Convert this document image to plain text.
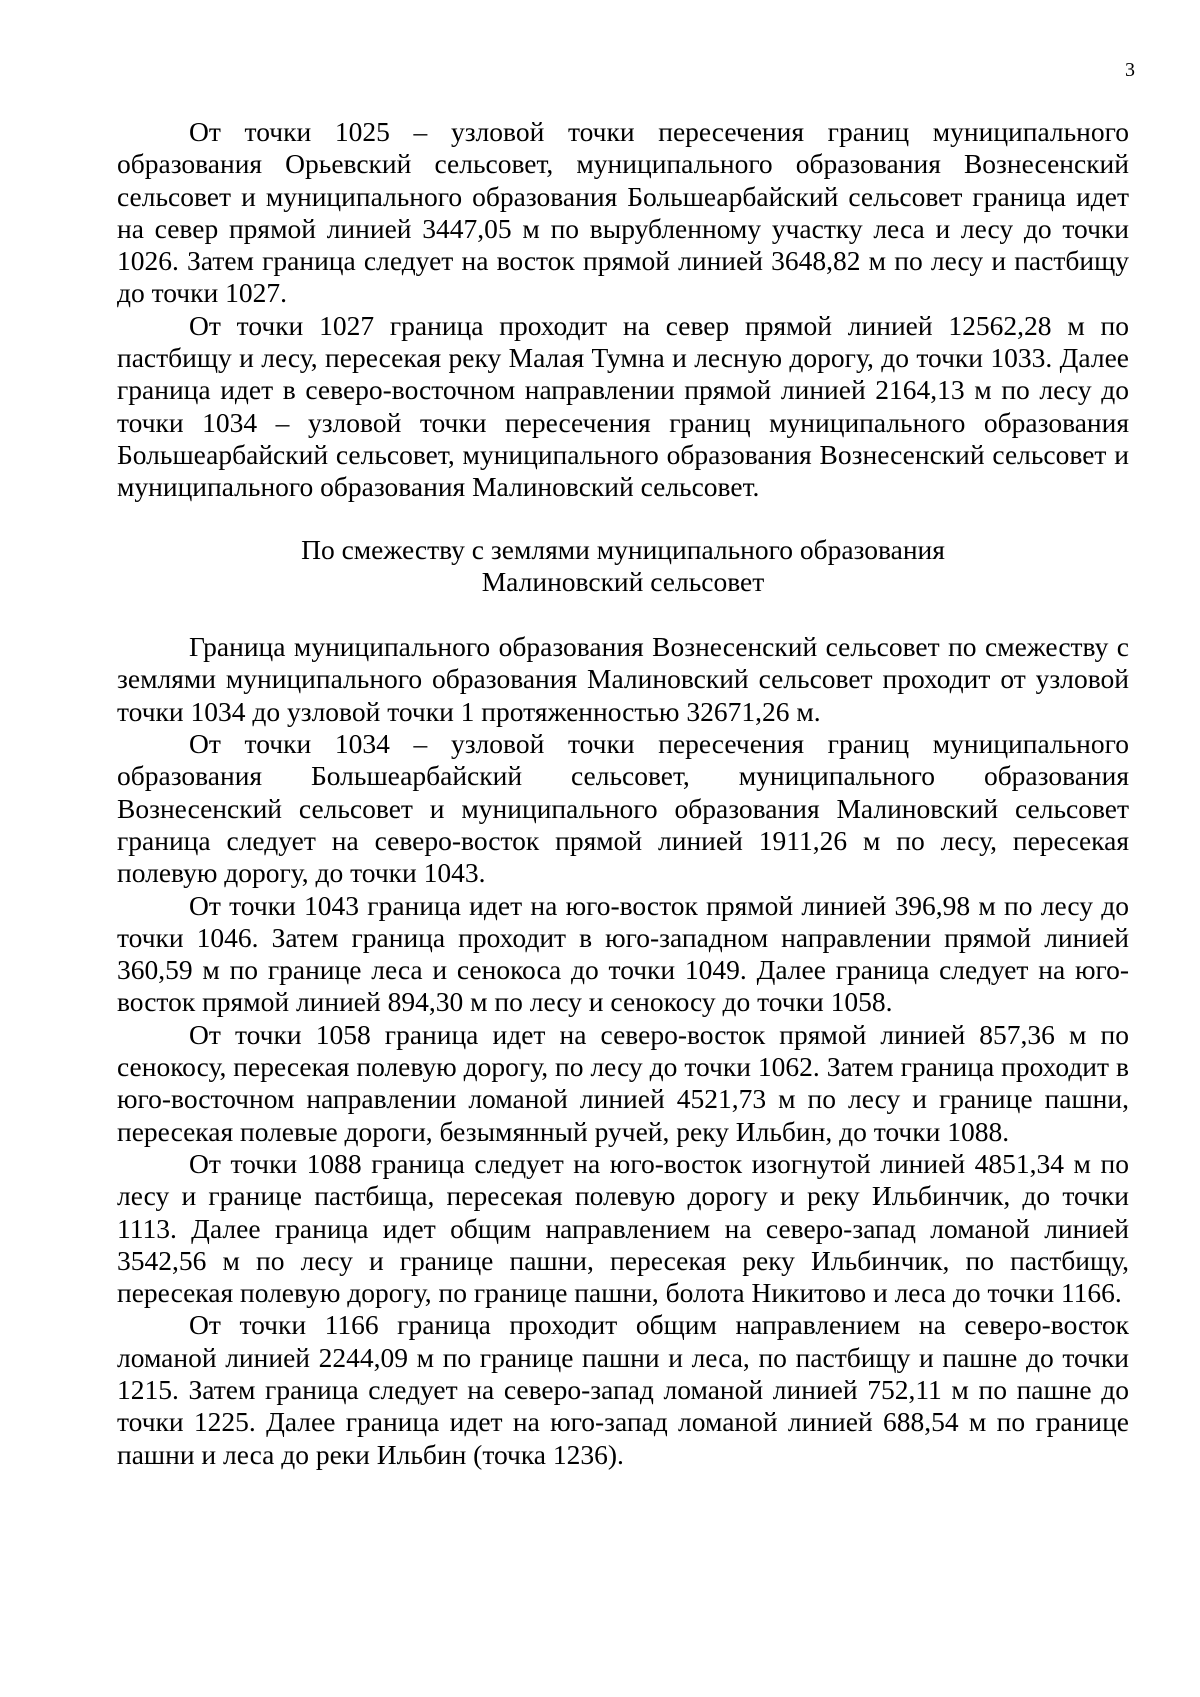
3

От точки 1025 – узловой точки пересечения границ муниципального образования Орьевский сельсовет, муниципального образования Вознесенский сельсовет и муниципального образования Большеарбайский сельсовет граница идет на север прямой линией 3447,05 м по вырубленному участку леса и лесу до точки 1026. Затем граница следует на восток прямой линией 3648,82 м по лесу и пастбищу до точки 1027.

От точки 1027 граница проходит на север прямой линией 12562,28 м по пастбищу и лесу, пересекая реку Малая Тумна и лесную дорогу, до точки 1033. Далее граница идет в северо-восточном направлении прямой линией 2164,13 м по лесу до точки 1034 – узловой точки пересечения границ муниципального образования Большеарбайский сельсовет, муниципального образования Вознесенский сельсовет и муниципального образования Малиновский сельсовет.

По смежеству с землями муниципального образования
Малиновский сельсовет

Граница муниципального образования Вознесенский сельсовет по смежеству с землями муниципального образования Малиновский сельсовет проходит от узловой точки 1034 до узловой точки 1 протяженностью 32671,26 м.

От точки 1034 – узловой точки пересечения границ муниципального образования Большеарбайский сельсовет, муниципального образования Вознесенский сельсовет и муниципального образования Малиновский сельсовет граница следует на северо-восток прямой линией 1911,26 м по лесу, пересекая полевую дорогу, до точки 1043.

От точки 1043 граница идет на юго-восток прямой линией 396,98 м по лесу до точки 1046. Затем граница проходит в юго-западном направлении прямой линией 360,59 м по границе леса и сенокоса до точки 1049. Далее граница следует на юго-восток прямой линией 894,30 м по лесу и сенокосу до точки 1058.

От точки 1058 граница идет на северо-восток прямой линией 857,36 м по сенокосу, пересекая полевую дорогу, по лесу до точки 1062. Затем граница проходит в юго-восточном направлении ломаной линией 4521,73 м по лесу и границе пашни, пересекая полевые дороги, безымянный ручей, реку Ильбин, до точки 1088.

От точки 1088 граница следует на юго-восток изогнутой линией 4851,34 м по лесу и границе пастбища, пересекая полевую дорогу и реку Ильбинчик, до точки 1113. Далее граница идет общим направлением на северо-запад ломаной линией 3542,56 м по лесу и границе пашни, пересекая реку Ильбинчик, по пастбищу, пересекая полевую дорогу, по границе пашни, болота Никитово и леса до точки 1166.

От точки 1166 граница проходит общим направлением на северо-восток ломаной линией 2244,09 м по границе пашни и леса, по пастбищу и пашне до точки 1215. Затем граница следует на северо-запад ломаной линией 752,11 м по пашне до точки 1225. Далее граница идет на юго-запад ломаной линией 688,54 м по границе пашни и леса до реки Ильбин (точка 1236).
